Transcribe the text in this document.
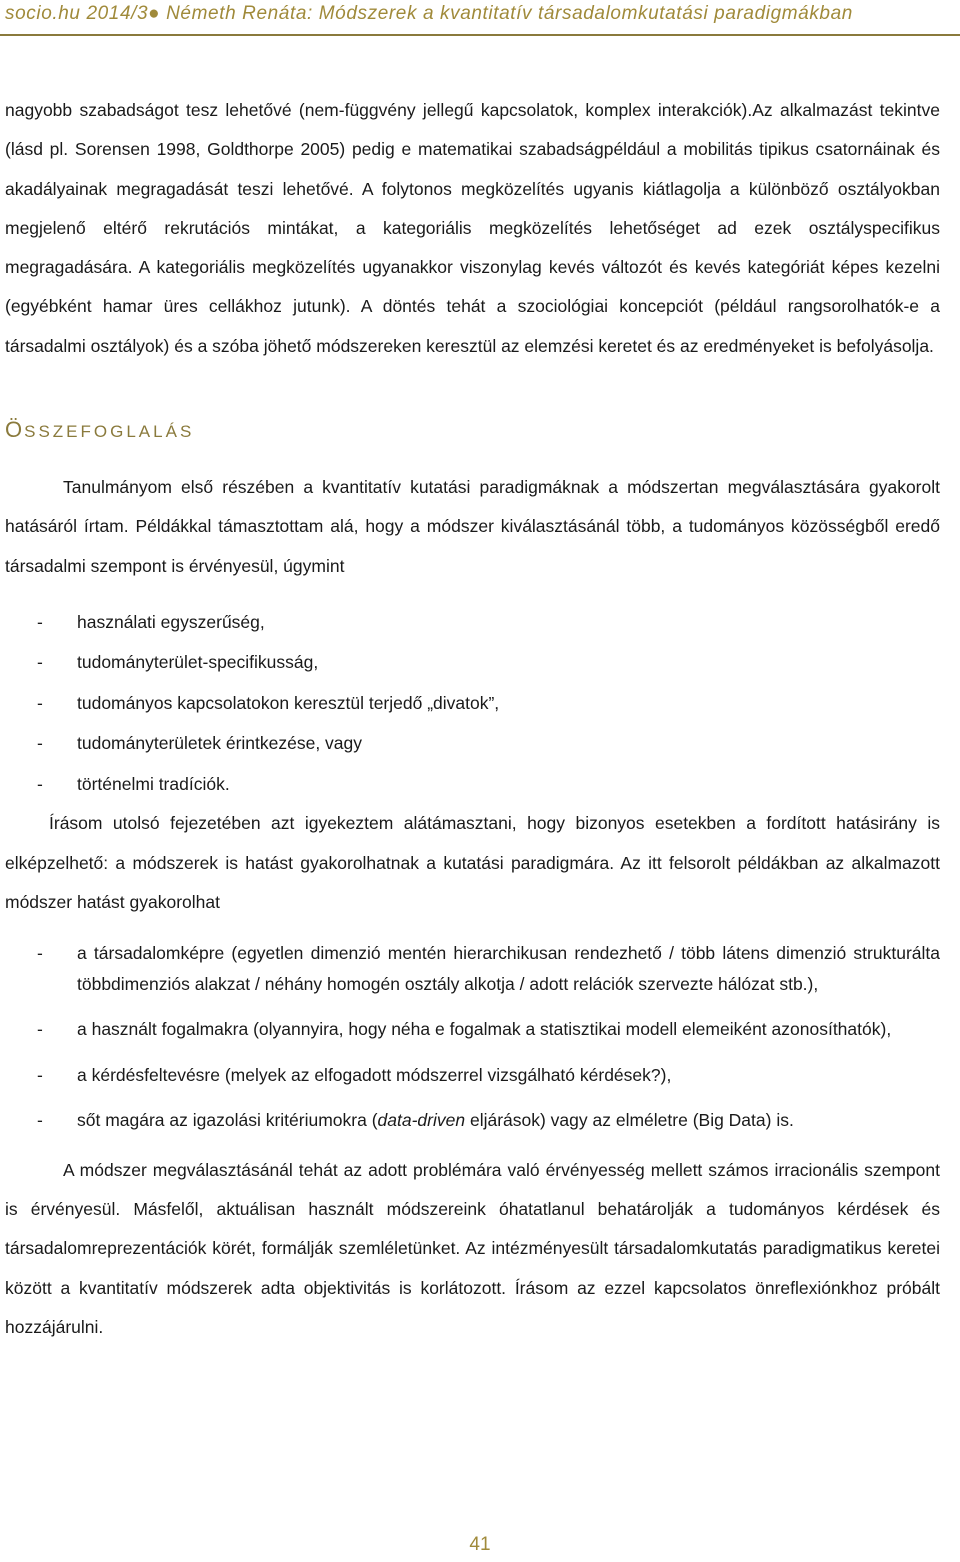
socio.hu 2014/3● Németh Renáta: Módszerek a kvantitatív társadalomkutatási paradigmákban

nagyobb szabadságot tesz lehetővé (nem-függvény jellegű kapcsolatok, komplex interakciók).Az alkalmazást tekintve (lásd pl. Sorensen 1998, Goldthorpe 2005) pedig e matematikai szabadságpéldául a mobilitás tipikus csatornáinak és akadályainak megragadását teszi lehetővé. A folytonos megközelítés ugyanis kiátlagolja a különböző osztályokban megjelenő eltérő rekrutációs mintákat, a kategoriális megközelítés lehetőséget ad ezek osztályspecifikus megragadására. A kategoriális megközelítés ugyanakkor viszonylag kevés változót és kevés kategóriát képes kezelni (egyébként hamar üres cellákhoz jutunk). A döntés tehát a szociológiai koncepciót (például rangsorolhatók-e a társadalmi osztályok) és a szóba jöhető módszereken keresztül az elemzési keretet és az eredményeket is befolyásolja.

ÖSSZEFOGLALÁS

Tanulmányom első részében a kvantitatív kutatási paradigmáknak a módszertan megválasztására gyakorolt hatásáról írtam. Példákkal támasztottam alá, hogy a módszer kiválasztásánál több, a tudományos közösségből eredő társadalmi szempont is érvényesül, úgymint

- használati egyszerűség,
- tudományterület-specifikusság,
- tudományos kapcsolatokon keresztül terjedő „divatok”,
- tudományterületek érintkezése, vagy
- történelmi tradíciók.

Írásom utolsó fejezetében azt igyekeztem alátámasztani, hogy bizonyos esetekben a fordított hatásirány is elképzelhető: a módszerek is hatást gyakorolhatnak a kutatási paradigmára. Az itt felsorolt példákban az alkalmazott módszer hatást gyakorolhat

- a társadalomképre (egyetlen dimenzió mentén hierarchikusan rendezhető / több látens dimenzió strukturálta többdimenziós alakzat / néhány homogén osztály alkotja / adott relációk szervezte hálózat stb.),
- a használt fogalmakra (olyannyira, hogy néha e fogalmak a statisztikai modell elemeiként azonosíthatók),
- a kérdésfeltevésre (melyek az elfogadott módszerrel vizsgálható kérdések?),
- sőt magára az igazolási kritériumokra (data-driven eljárások) vagy az elméletre (Big Data) is.

A módszer megválasztásánál tehát az adott problémára való érvényesség mellett számos irracionális szempont is érvényesül. Másfelől, aktuálisan használt módszereink óhatatlanul behatárolják a tudományos kérdések és társadalomreprezentációk körét, formálják szemléletünket. Az intézményesült társadalomkutatás paradigmatikus keretei között a kvantitatív módszerek adta objektivitás is korlátozott. Írásom az ezzel kapcsolatos önreflexiónkhoz próbált hozzájárulni.

41
